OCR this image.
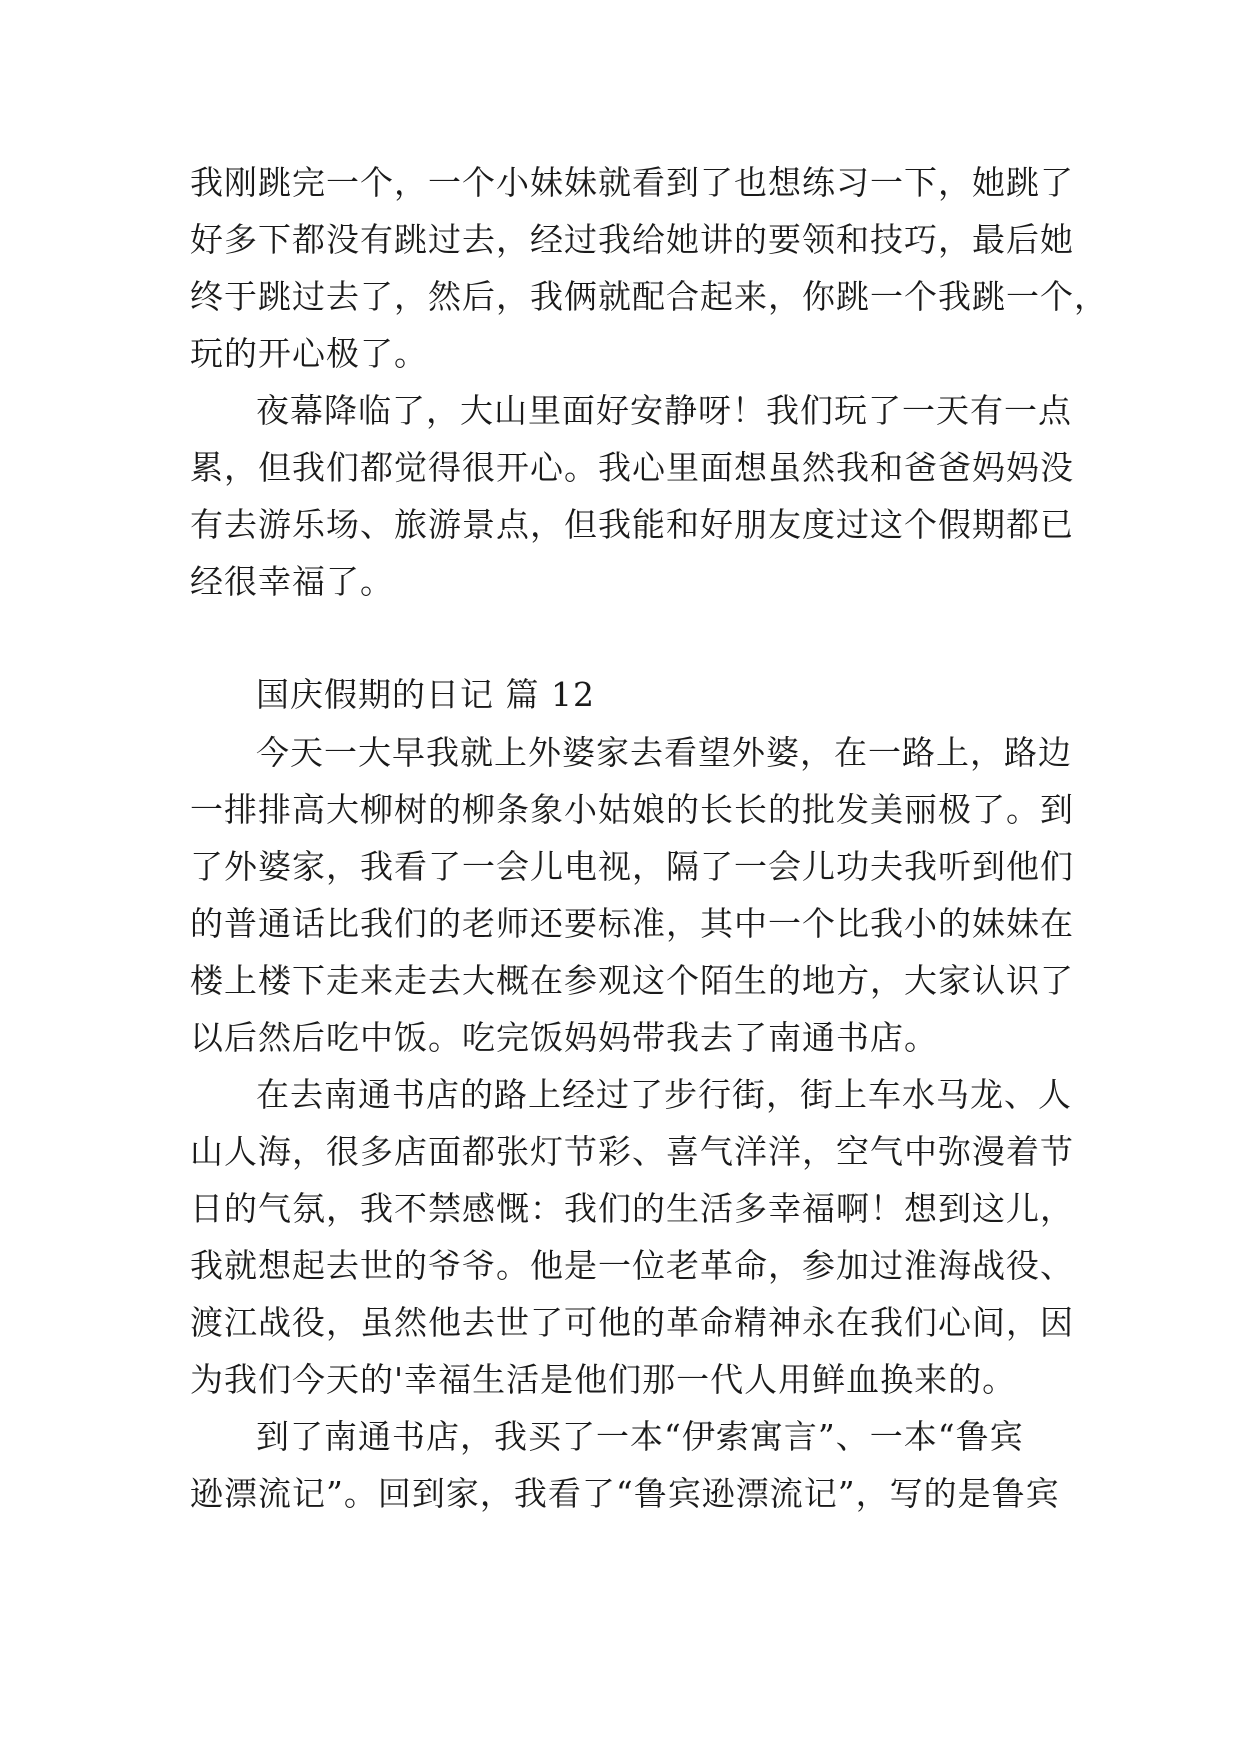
我刚跳完一个，一个小妹妹就看到了也想练习一下，她跳了
好多下都没有跳过去，经过我给她讲的要领和技巧，最后她
终于跳过去了，然后，我俩就配合起来，你跳一个我跳一个，
玩的开心极了。
夜幕降临了，大山里面好安静呀！我们玩了一天有一点
累，但我们都觉得很开心。我心里面想虽然我和爸爸妈妈没
有去游乐场、旅游景点，但我能和好朋友度过这个假期都已
经很幸福了。
国庆假期的日记 篇 12
今天一大早我就上外婆家去看望外婆，在一路上，路边
一排排高大柳树的柳条象小姑娘的长长的批发美丽极了。到
了外婆家，我看了一会儿电视，隔了一会儿功夫我听到他们
的普通话比我们的老师还要标准，其中一个比我小的妹妹在
楼上楼下走来走去大概在参观这个陌生的地方，大家认识了
以后然后吃中饭。吃完饭妈妈带我去了南通书店。
在去南通书店的路上经过了步行街，街上车水马龙、人
山人海，很多店面都张灯节彩、喜气洋洋，空气中弥漫着节
日的气氛，我不禁感慨：我们的生活多幸福啊！想到这儿，
我就想起去世的爷爷。他是一位老革命，参加过淮海战役、
渡江战役，虽然他去世了可他的革命精神永在我们心间，因
为我们今天的'幸福生活是他们那一代人用鲜血换来的。
到了南通书店，我买了一本“伊索寓言”、一本“鲁宾
逊漂流记”。回到家，我看了“鲁宾逊漂流记”，写的是鲁宾
